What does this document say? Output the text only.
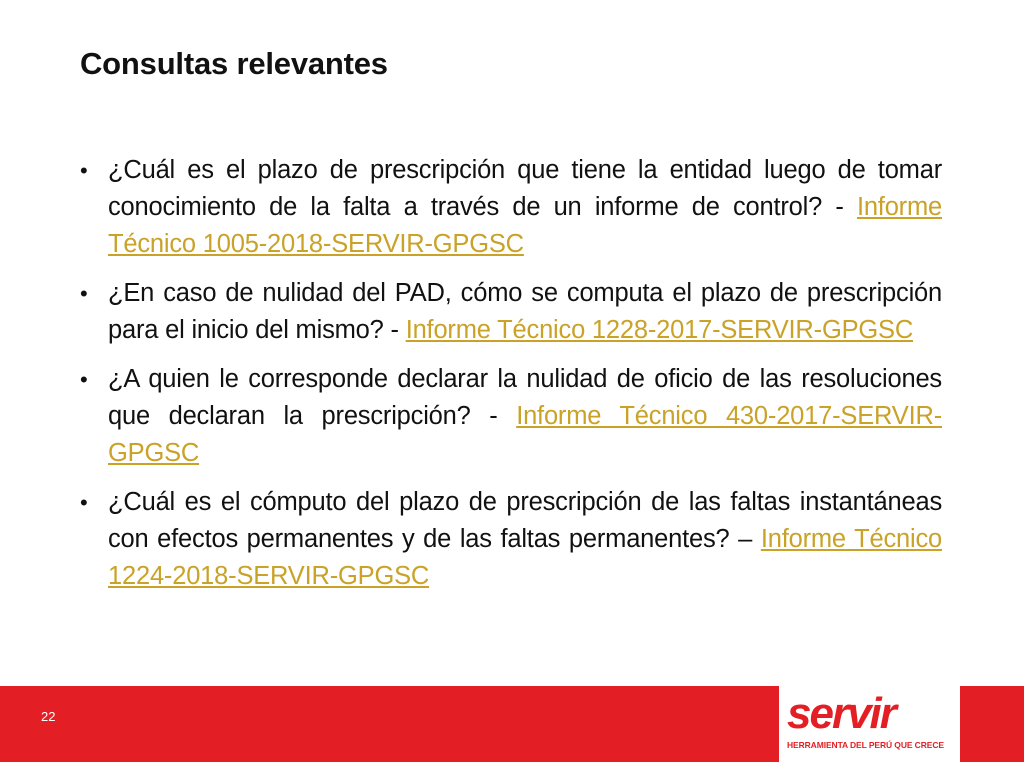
Consultas relevantes
• ¿Cuál es el plazo de prescripción que tiene la entidad luego de tomar conocimiento de la falta a través de un informe de control? - Informe Técnico 1005-2018-SERVIR-GPGSC
• ¿En caso de nulidad del PAD, cómo se computa el plazo de prescripción para el inicio del mismo? - Informe Técnico 1228-2017-SERVIR-GPGSC
• ¿A quien le corresponde declarar la nulidad de oficio de las resoluciones que declaran la prescripción? - Informe Técnico 430-2017-SERVIR-GPGSC
• ¿Cuál es el cómputo del plazo de prescripción de las faltas instantáneas con efectos permanentes y de las faltas permanentes? – Informe Técnico 1224-2018-SERVIR-GPGSC
22	servir
HERRAMIENTA DEL PERÚ QUE CRECE
